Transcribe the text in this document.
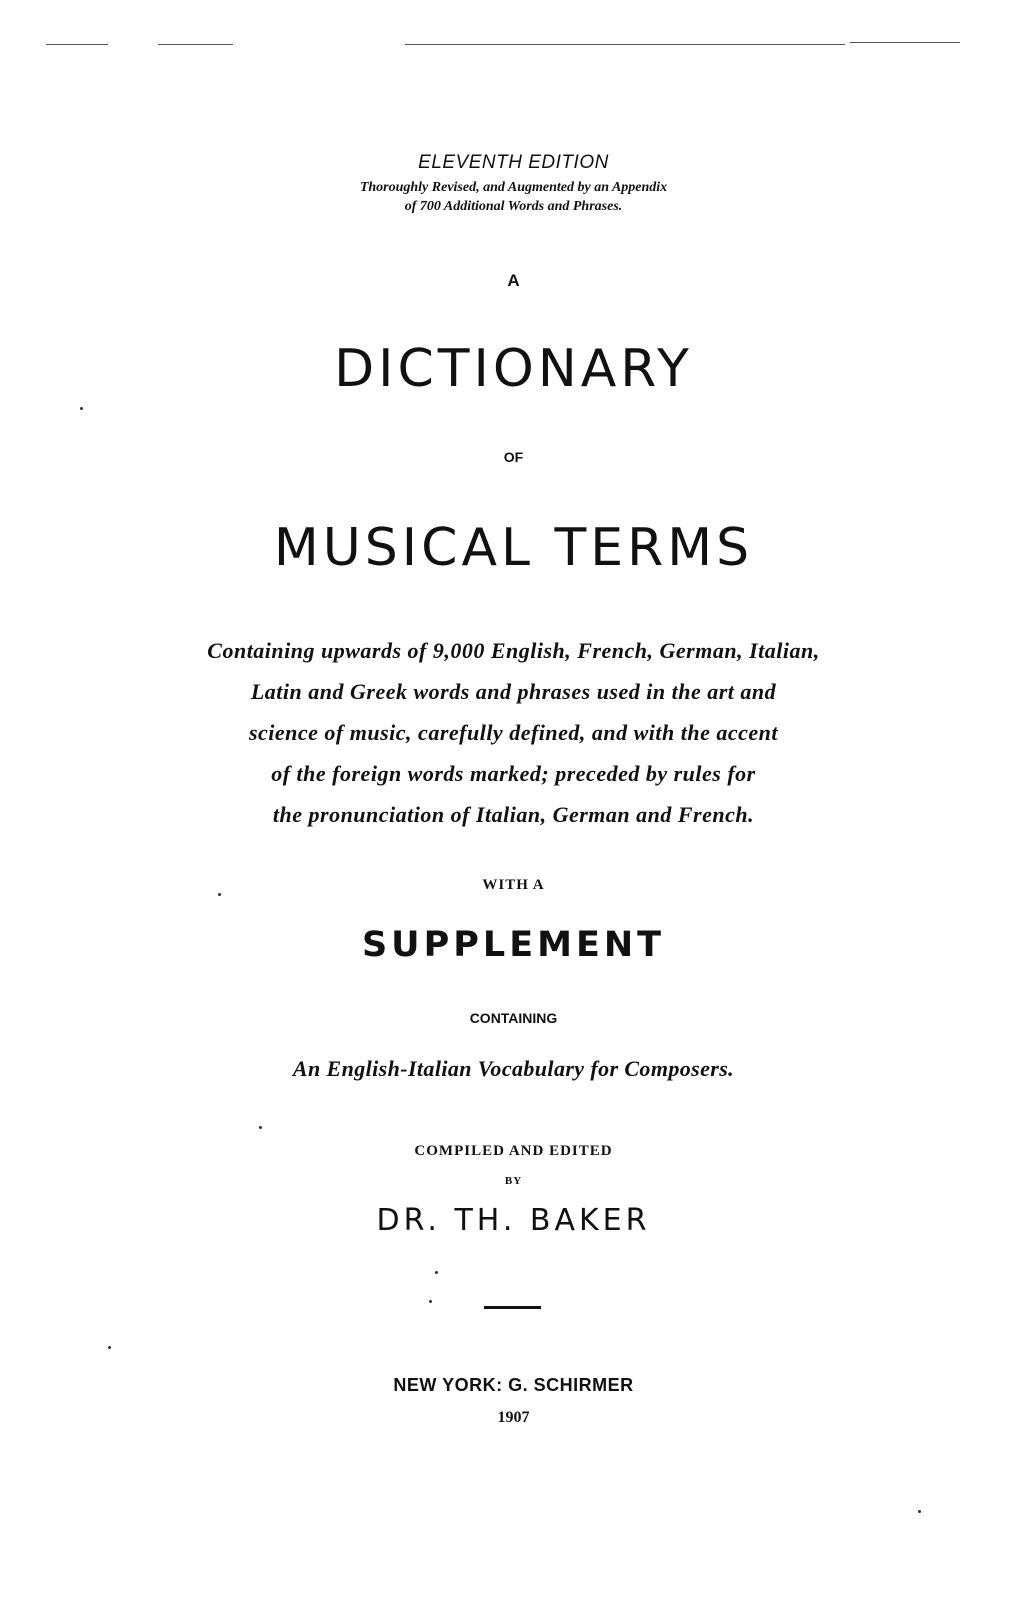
ELEVENTH EDITION

Thoroughly Revised, and Augmented by an Appendix
of 700 Additional Words and Phrases.

A

DICTIONARY

OF

MUSICAL TERMS

Containing upwards of 9,000 English, French, German, Italian,
Latin and Greek words and phrases used in the art and
science of music, carefully defined, and with the accent
of the foreign words marked; preceded by rules for
the pronunciation of Italian, German and French.

WITH A

SUPPLEMENT

CONTAINING

An English-Italian Vocabulary for Composers.

COMPILED AND EDITED

BY

DR. TH. BAKER

NEW YORK: G. SCHIRMER

1907
